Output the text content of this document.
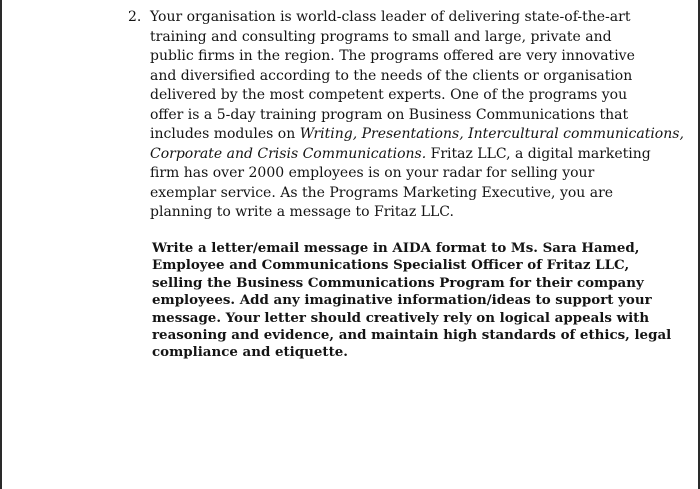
2. Your organisation is world-class leader of delivering state-of-the-art
training and consulting programs to small and large, private and
public firms in the region. The programs offered are very innovative
and diversified according to the needs of the clients or organisation
delivered by the most competent experts. One of the programs you
offer is a 5-day training program on Business Communications that
includes modules on Writing, Presentations, Intercultural communications,
Corporate and Crisis Communications. Fritaz LLC, a digital marketing
firm has over 2000 employees is on your radar for selling your
exemplar service. As the Programs Marketing Executive, you are
planning to write a message to Fritaz LLC.
Write a letter/email message in AIDA format to Ms. Sara Hamed,
Employee and Communications Specialist Officer of Fritaz LLC,
selling the Business Communications Program for their company
employees. Add any imaginative information/ideas to support your
message. Your letter should creatively rely on logical appeals with
reasoning and evidence, and maintain high standards of ethics, legal
compliance and etiquette.
